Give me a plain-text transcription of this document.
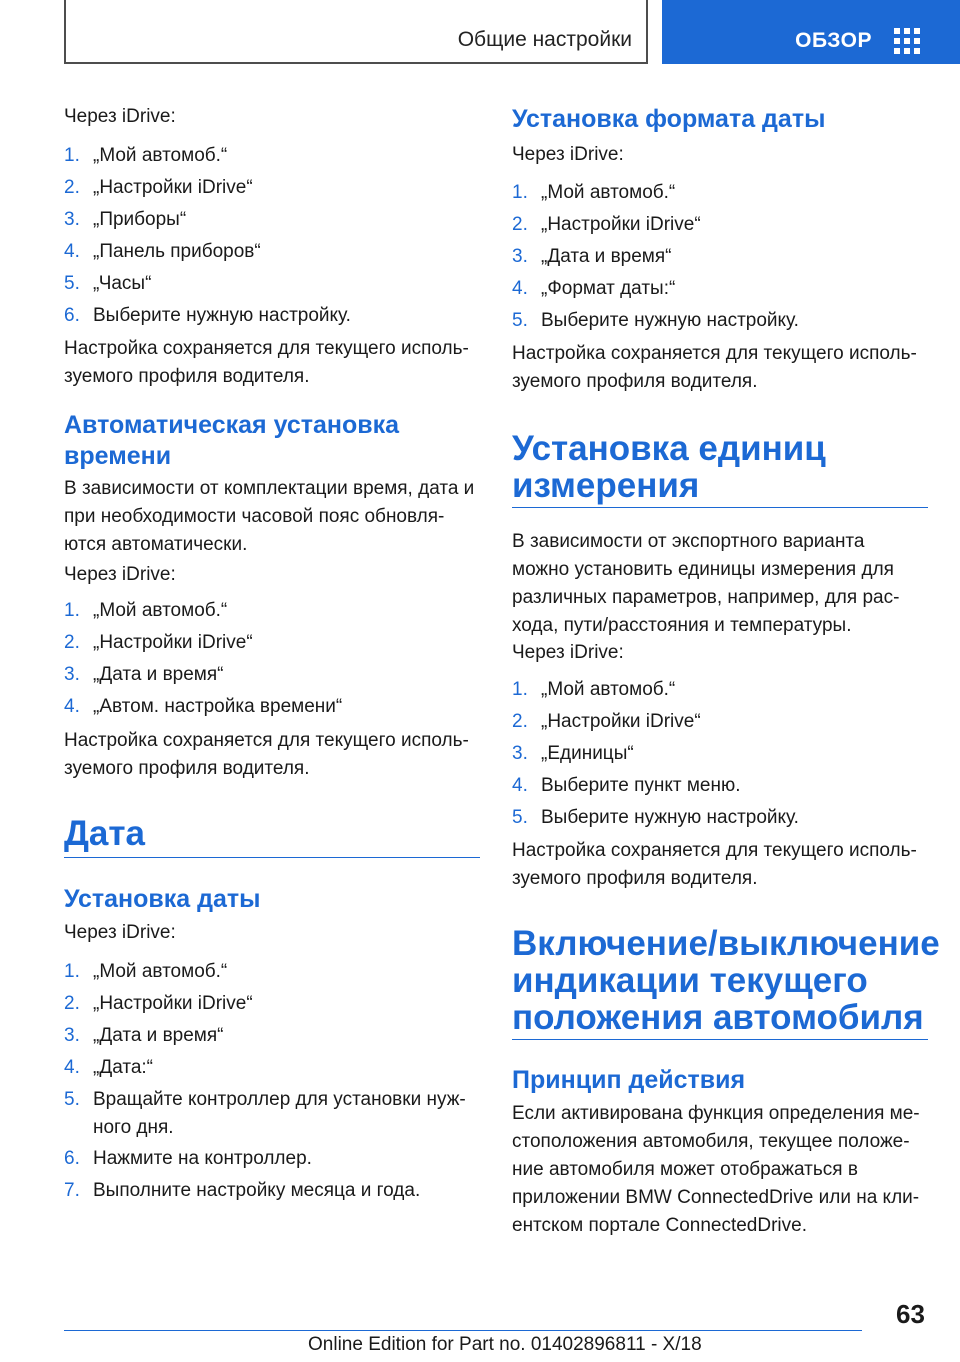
Общие настройки	ОБЗОР
Через iDrive:
1. „Мой автомоб.“
2. „Настройки iDrive“
3. „Приборы“
4. „Панель приборов“
5. „Часы“
6. Выберите нужную настройку.
Настройка сохраняется для текущего исполь‐
зуемого профиля водителя.
Автоматическая установка
времени
В зависимости от комплектации время, дата и
при необходимости часовой пояс обновля‐
ются автоматически.
Через iDrive:
1. „Мой автомоб.“
2. „Настройки iDrive“
3. „Дата и время“
4. „Автом. настройка времени“
Настройка сохраняется для текущего исполь‐
зуемого профиля водителя.
Дата
Установка даты
Через iDrive:
1. „Мой автомоб.“
2. „Настройки iDrive“
3. „Дата и время“
4. „Дата:“
5. Вращайте контроллер для установки нуж‐
ного дня.
6. Нажмите на контроллер.
7. Выполните настройку месяца и года.
Установка формата даты
Через iDrive:
1. „Мой автомоб.“
2. „Настройки iDrive“
3. „Дата и время“
4. „Формат даты:“
5. Выберите нужную настройку.
Настройка сохраняется для текущего исполь‐
зуемого профиля водителя.
Установка единиц
измерения
В зависимости от экспортного варианта
можно установить единицы измерения для
различных параметров, например, для рас‐
хода, пути/расстояния и температуры.
Через iDrive:
1. „Мой автомоб.“
2. „Настройки iDrive“
3. „Единицы“
4. Выберите пункт меню.
5. Выберите нужную настройку.
Настройка сохраняется для текущего исполь‐
зуемого профиля водителя.
Включение/выключение
индикации текущего
положения автомобиля
Принцип действия
Если активирована функция определения ме‐
стоположения автомобиля, текущее положе‐
ние автомобиля может отображаться в
приложении BMW ConnectedDrive или на кли‐
ентском портале ConnectedDrive.
63
Online Edition for Part no. 01402896811 - X/18
